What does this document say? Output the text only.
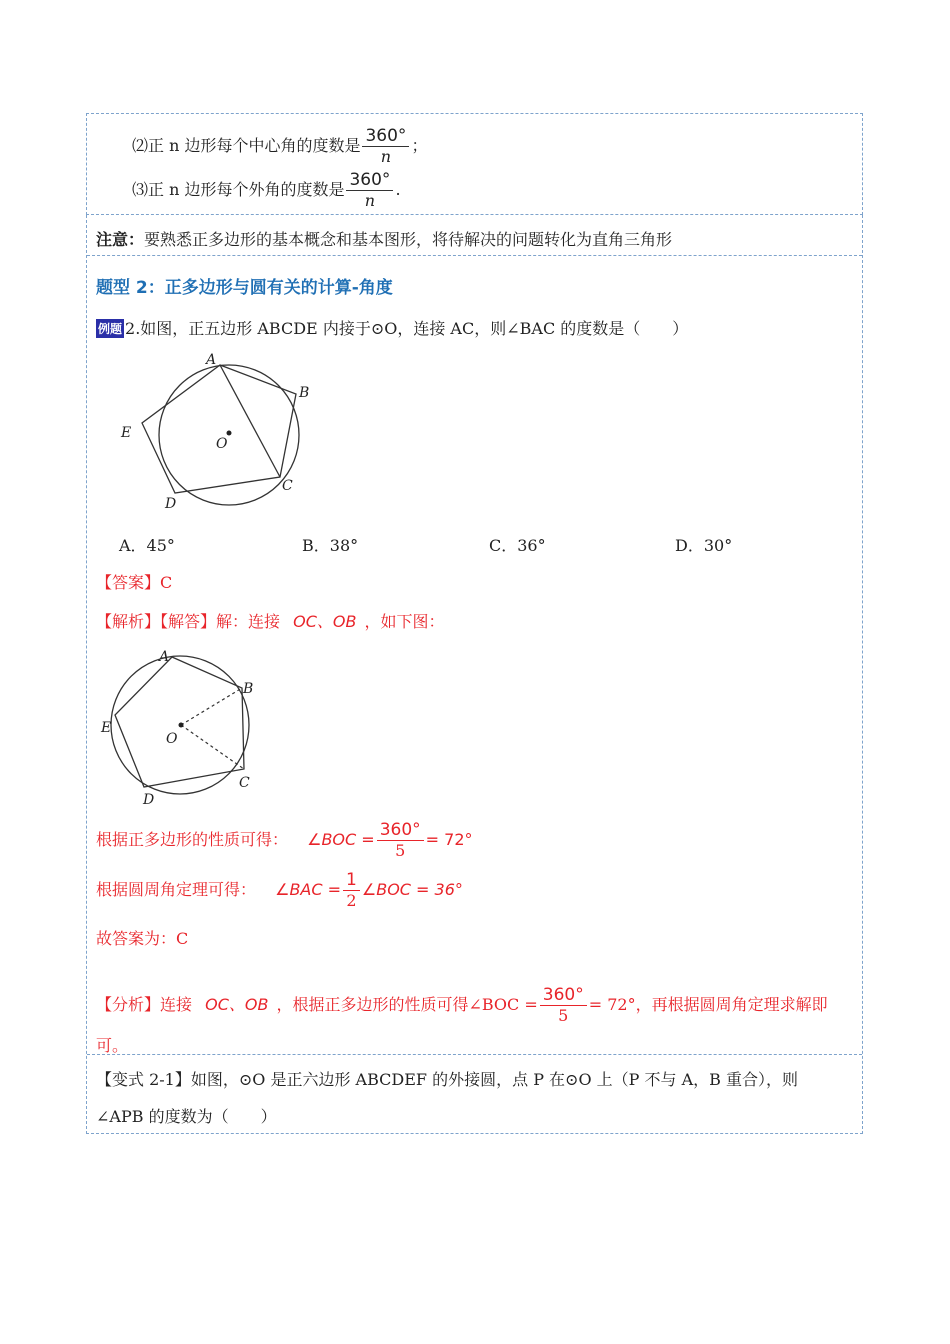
⑵正 n 边形每个中心角的度数是 $\frac{360^\circ}{n}$ ；
⑶正 n 边形每个外角的度数是 $\frac{360^\circ}{n}$ .
注意：要熟悉正多边形的基本概念和基本图形，将待解决的问题转化为直角三角形
题型 2：正多边形与圆有关的计算-角度
例题 2.如图，正五边形 ABCDE 内接于⊙O，连接 AC，则∠BAC 的度数是（　　）
A
B
C
D
E
O
A．45°	B．38°	C．36°	D．30°
【答案】C
【解析】【解答】解：连接 OC、OB ，如下图：
A
B
C
D
E
O
根据正多边形的性质可得： ∠BOC = $\frac{360^\circ}{5} = 72^\circ$
根据圆周角定理可得： ∠BAC = $\frac{1}{2}$ ∠BOC = 36°
故答案为：C
【分析】连接 OC、OB ，根据正多边形的性质可得∠BOC = $\frac{360^\circ}{5} = 72^\circ$，再根据圆周角定理求解即
可。
【变式 2-1】如图，⊙O 是正六边形 ABCDEF 的外接圆，点 P 在⊙O 上（P 不与 A，B 重合），则
∠APB 的度数为（　　）
